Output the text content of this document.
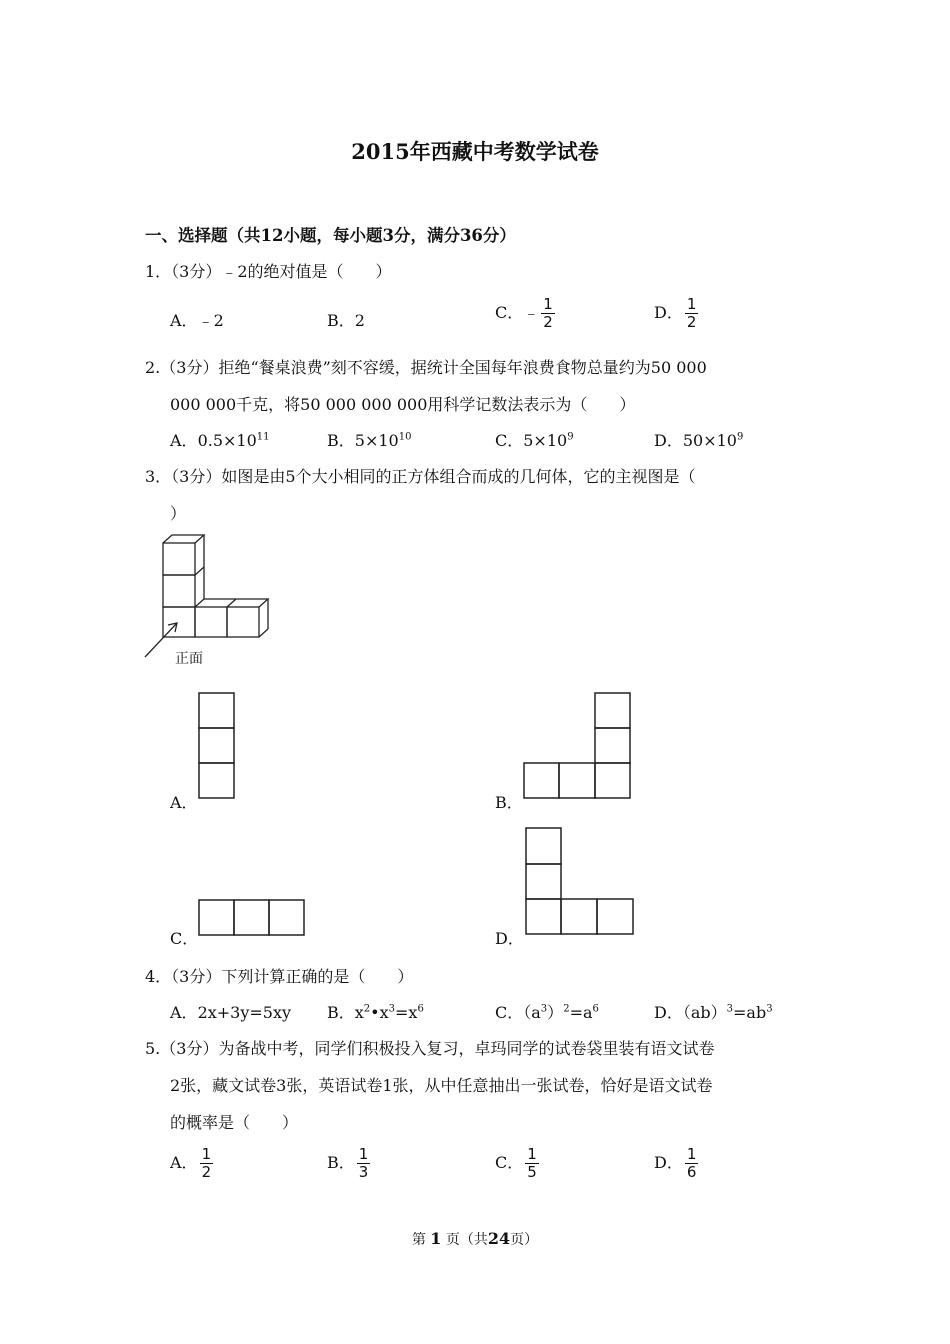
2015年西藏中考数学试卷
一、选择题（共12小题，每小题3分，满分36分）
1．（3分）﹣2的绝对值是（　　）
A．﹣2	B．2	C．﹣ $\frac{1}{2}$	D． $\frac{1}{2}$
2.（3分）拒绝“餐桌浪费”刻不容缓，据统计全国每年浪费食物总量约为50 000
000 000千克，将50 000 000 000用科学记数法表示为（　　）
A．$0.5\times 10^{11}$	B．$5\times 10^{10}$	C．$5\times 10^9$	D．$50\times 10^9$
3．（3分）如图是由5个大小相同的正方体组合而成的几何体，它的主视图是（
）
正面
A．	B．
C．	D．
4．（3分）下列计算正确的是（　　）
A．2x+3y=5xy B．$x^2•x^3=x^6$	C．$(a^3)^2=a^6$	D．$(ab)^3=ab^3$
5.（3分）为备战中考，同学们积极投入复习，卓玛同学的试卷袋里装有语文试卷
2张，藏文试卷3张，英语试卷1张，从中任意抽出一张试卷，恰好是语文试卷
的概率是（　　）
A． $\frac{1}{2}$	B． $\frac{1}{3}$	C． $\frac{1}{5}$	D． $\frac{1}{6}$
第 1 页（共24页）
